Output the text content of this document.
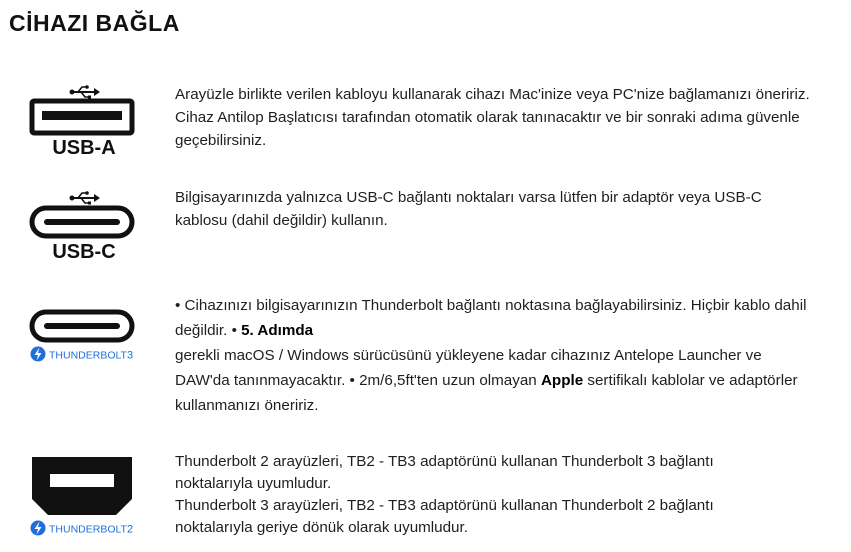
CİHAZI BAĞLA
USB-A
USB-C
THUNDERBOLT3
THUNDERBOLT2
Arayüzle birlikte verilen kabloyu kullanarak cihazı Mac'inize veya PC'nize bağlamanızı öneririz. Cihaz Antilop Başlatıcısı tarafından otomatik olarak tanınacaktır ve bir sonraki adıma güvenle geçebilirsiniz.
Bilgisayarınızda yalnızca USB-C bağlantı noktaları varsa lütfen bir adaptör veya USB-C kablosu (dahil değildir) kullanın.
• Cihazınızı bilgisayarınızın Thunderbolt bağlantı noktasına bağlayabilirsiniz. Hiçbir kablo dahil değildir. • 5. Adımda
gerekli macOS / Windows sürücüsünü yükleyene kadar cihazınız Antelope Launcher ve DAW'da tanınmayacaktır. • 2m/6,5ft'ten uzun olmayan Apple sertifikalı kablolar ve adaptörler kullanmanızı öneririz.
Thunderbolt 2 arayüzleri, TB2 - TB3 adaptörünü kullanan Thunderbolt 3 bağlantı noktalarıyla uyumludur.
Thunderbolt 3 arayüzleri, TB2 - TB3 adaptörünü kullanan Thunderbolt 2 bağlantı noktalarıyla geriye dönük olarak uyumludur.
